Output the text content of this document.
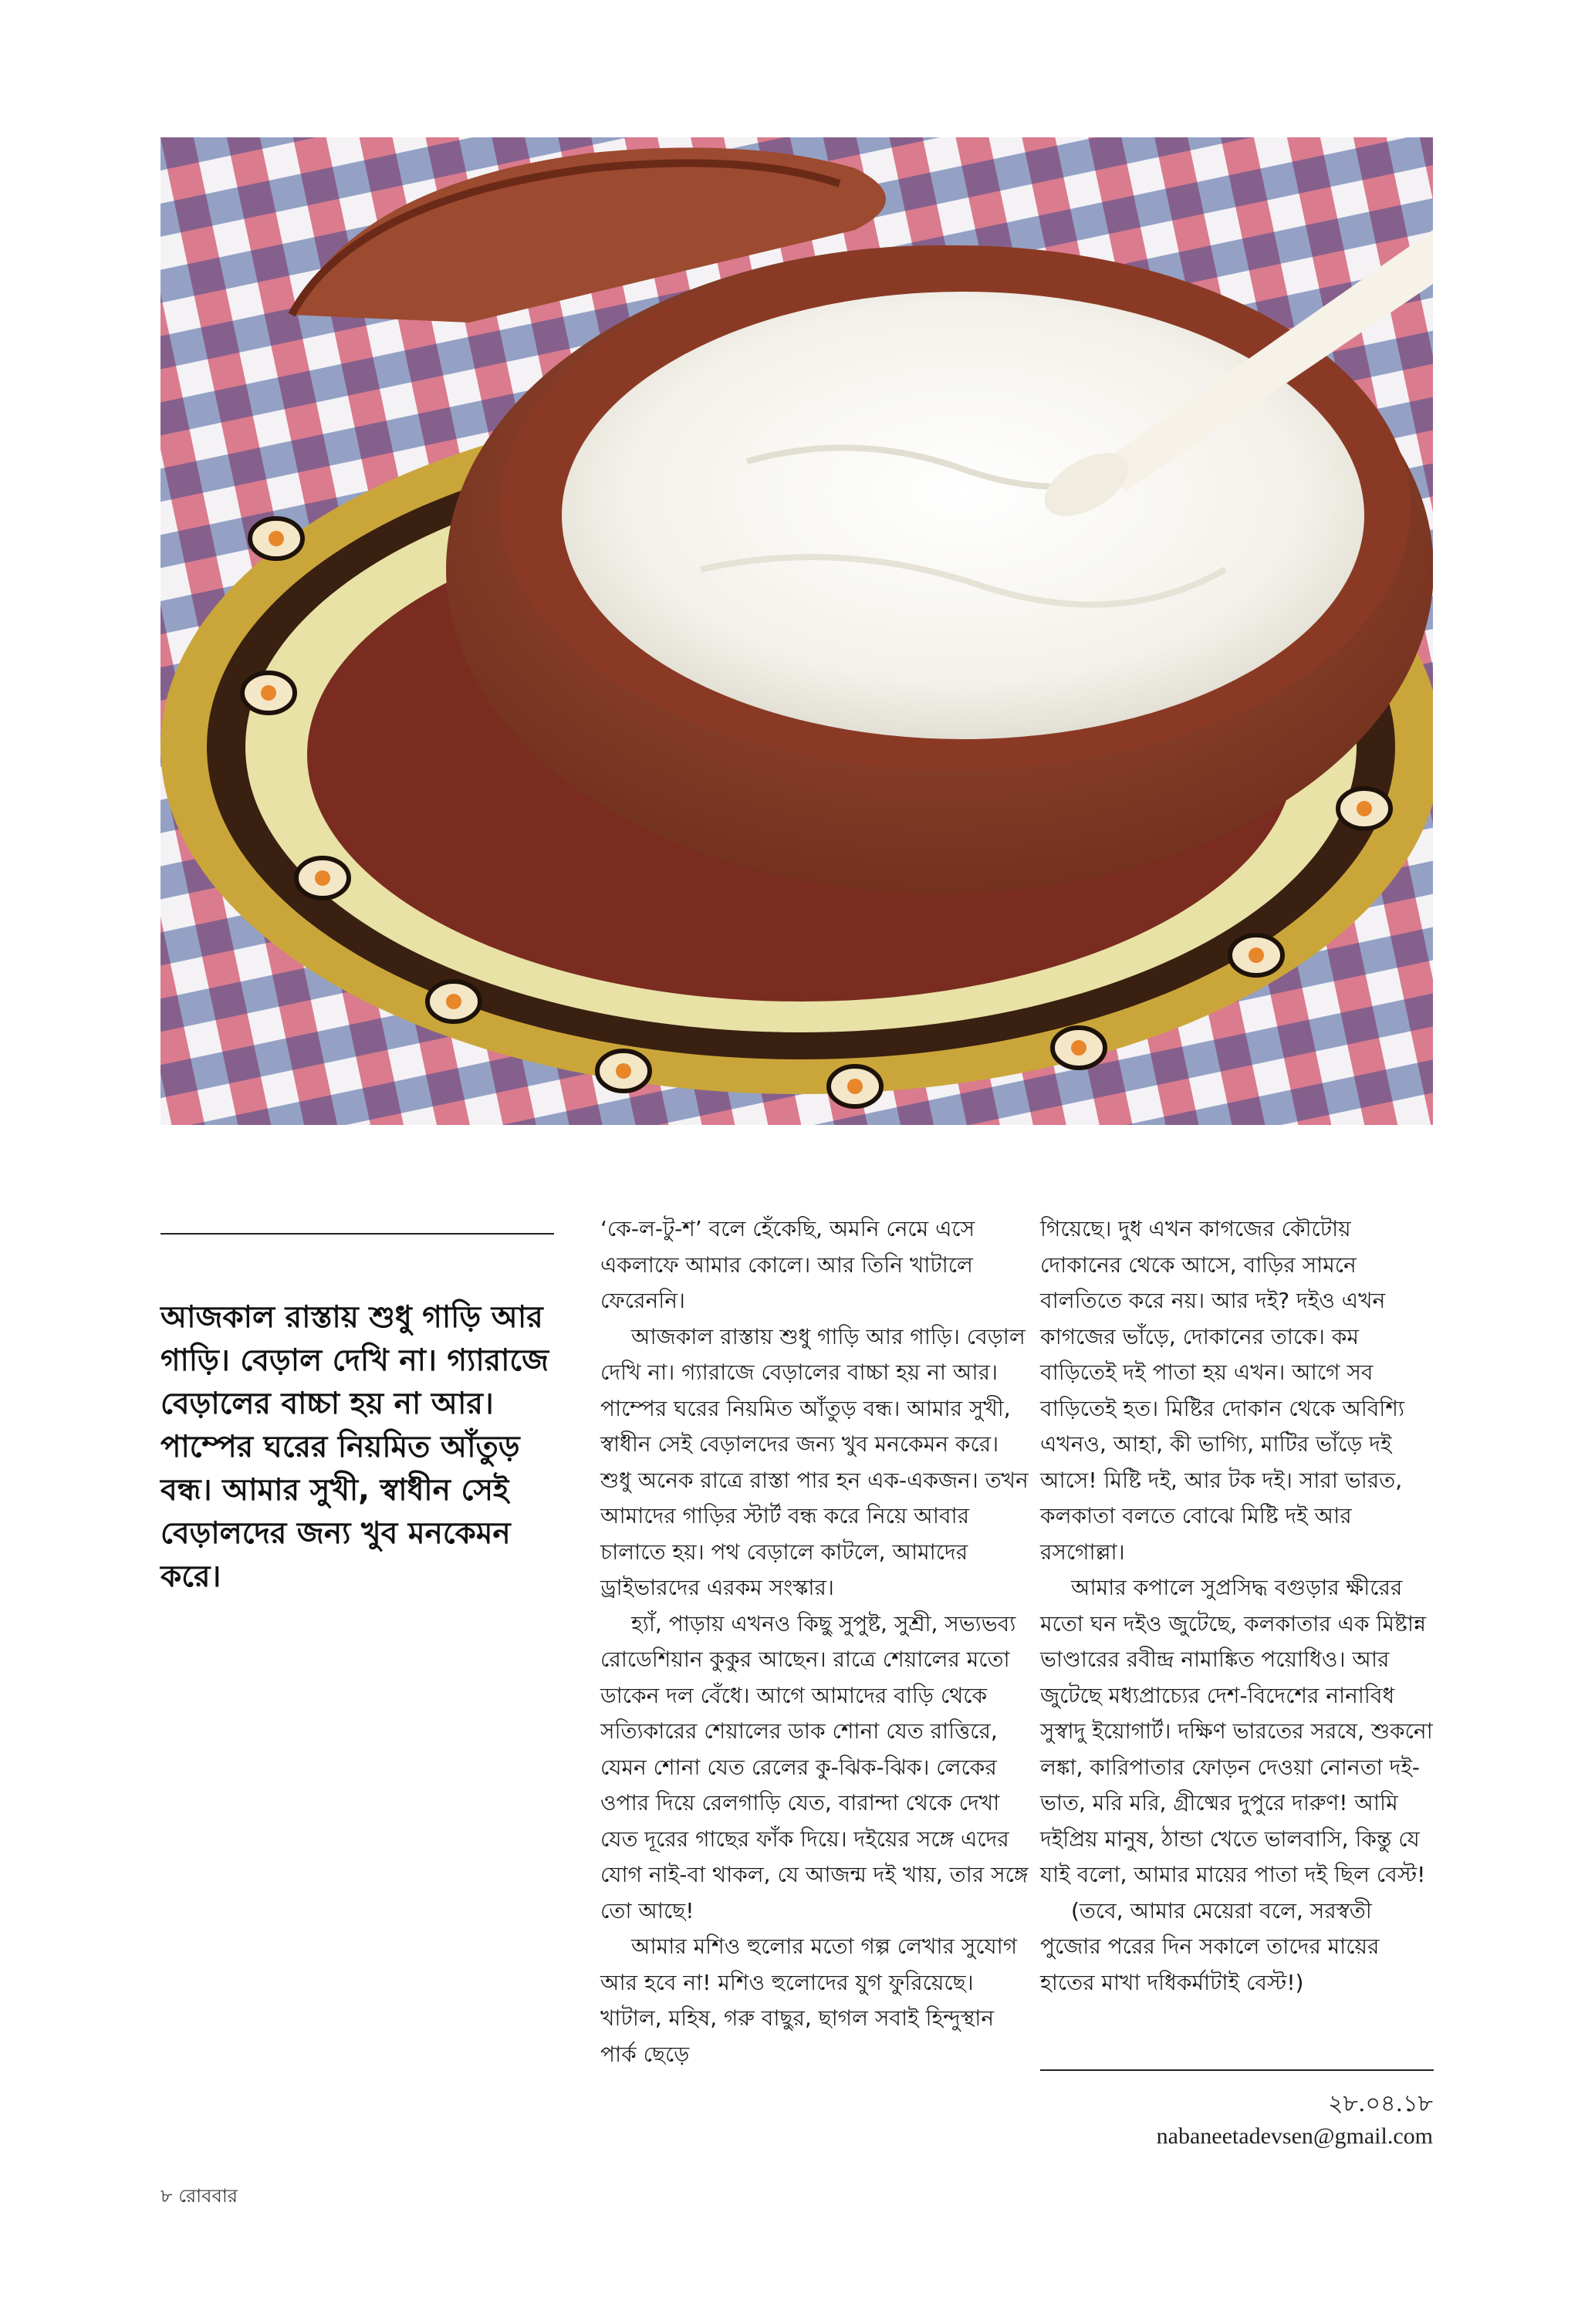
আজকাল রাস্তায় শুধু গাড়ি আর গাড়ি। বেড়াল দেখি না। গ্যারাজে বেড়ালের বাচ্চা হয় না আর। পাম্পের ঘরের নিয়মিত আঁতুড় বন্ধ। আমার সুখী, স্বাধীন সেই বেড়ালদের জন্য খুব মনকেমন করে।

‘কে-ল-টু-শ’ বলে হেঁকেছি, অমনি নেমে এসে একলাফে আমার কোলে। আর তিনি খাটালে ফেরেননি।

আজকাল রাস্তায় শুধু গাড়ি আর গাড়ি। বেড়াল দেখি না। গ্যারাজে বেড়ালের বাচ্চা হয় না আর। পাম্পের ঘরের নিয়মিত আঁতুড় বন্ধ। আমার সুখী, স্বাধীন সেই বেড়ালদের জন্য খুব মনকেমন করে। শুধু অনেক রাত্রে রাস্তা পার হন এক-একজন। তখন আমাদের গাড়ির স্টার্ট বন্ধ করে নিয়ে আবার চালাতে হয়। পথ বেড়ালে কাটলে, আমাদের ড্রাইভারদের এরকম সংস্কার।

হ্যাঁ, পাড়ায় এখনও কিছু সুপুষ্ট, সুশ্রী, সভ্যভব্য রোডেশিয়ান কুকুর আছেন। রাত্রে শেয়ালের মতো ডাকেন দল বেঁধে। আগে আমাদের বাড়ি থেকে সত্যিকারের শেয়ালের ডাক শোনা যেত রাত্তিরে, যেমন শোনা যেত রেলের কু-ঝিক-ঝিক। লেকের ওপার দিয়ে রেলগাড়ি যেত, বারান্দা থেকে দেখা যেত দূরের গাছের ফাঁক দিয়ে। দইয়ের সঙ্গে এদের যোগ নাই-বা থাকল, যে আজন্ম দই খায়, তার সঙ্গে তো আছে!

আমার মশিও হুলোর মতো গল্প লেখার সুযোগ আর হবে না! মশিও হুলোদের যুগ ফুরিয়েছে। খাটাল, মহিষ, গরু বাছুর, ছাগল সবাই হিন্দুস্থান পার্ক ছেড়ে

গিয়েছে। দুধ এখন কাগজের কৌটোয় দোকানের থেকে আসে, বাড়ির সামনে বালতিতে করে নয়। আর দই? দইও এখন কাগজের ভাঁড়ে, দোকানের তাকে। কম বাড়িতেই দই পাতা হয় এখন। আগে সব বাড়িতেই হত। মিষ্টির দোকান থেকে অবিশ্যি এখনও, আহা, কী ভাগ্যি, মাটির ভাঁড়ে দই আসে! মিষ্টি দই, আর টক দই। সারা ভারত, কলকাতা বলতে বোঝে মিষ্টি দই আর রসগোল্লা।

আমার কপালে সুপ্রসিদ্ধ বগুড়ার ক্ষীরের মতো ঘন দইও জুটেছে, কলকাতার এক মিষ্টান্ন ভাণ্ডারের রবীন্দ্র নামাঙ্কিত পয়োধিও। আর জুটেছে মধ্যপ্রাচ্যের দেশ-বিদেশের নানাবিধ সুস্বাদু ইয়োগার্ট। দক্ষিণ ভারতের সরষে, শুকনো লঙ্কা, কারিপাতার ফোড়ন দেওয়া নোনতা দই-ভাত, মরি মরি, গ্রীষ্মের দুপুরে দারুণ! আমি দইপ্রিয় মানুষ, ঠান্ডা খেতে ভালবাসি, কিন্তু যে যাই বলো, আমার মায়ের পাতা দই ছিল বেস্ট!

(তবে, আমার মেয়েরা বলে, সরস্বতী পুজোর পরের দিন সকালে তাদের মায়ের হাতের মাখা দধিকর্মাটাই বেস্ট!)

২৮.০৪.১৮
nabaneetadevsen@gmail.com
৮ রোববার
